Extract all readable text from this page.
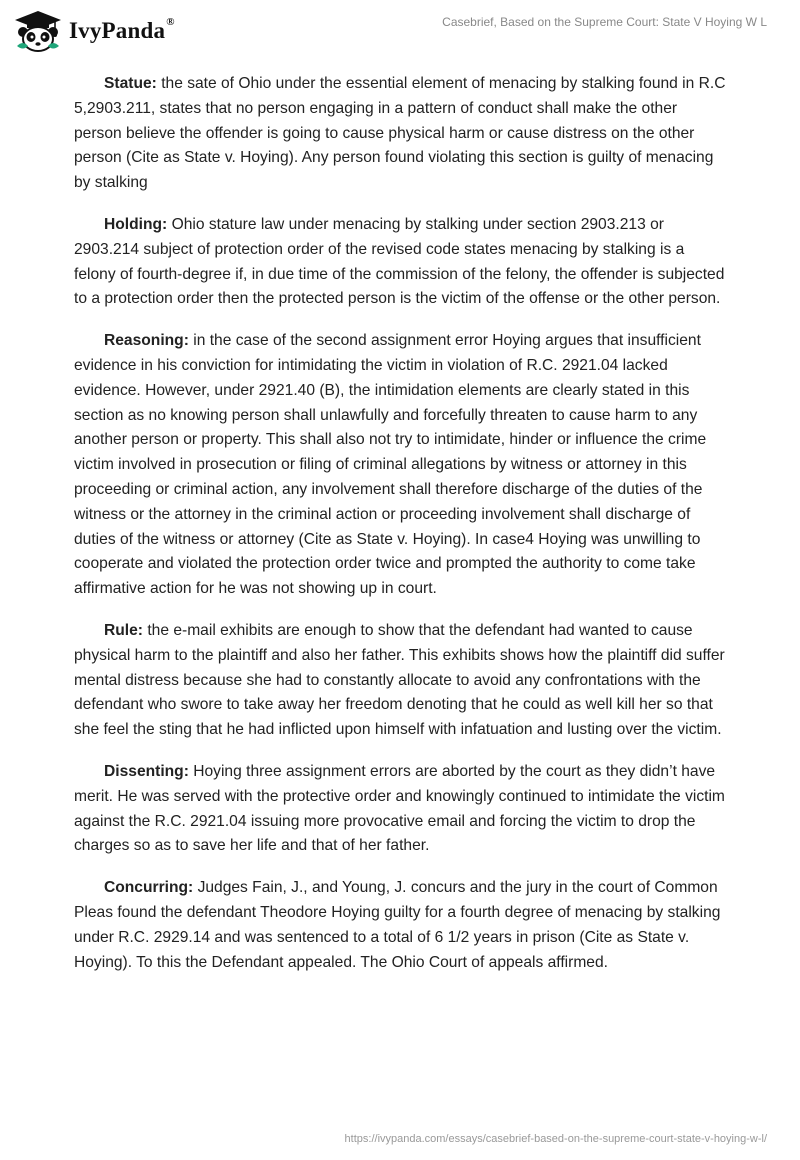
IvyPanda®	Casebrief, Based on the Supreme Court: State V Hoying W L

Statue: the sate of Ohio under the essential element of menacing by stalking found in R.C 5,2903.211, states that no person engaging in a pattern of conduct shall make the other person believe the offender is going to cause physical harm or cause distress on the other person (Cite as State v. Hoying). Any person found violating this section is guilty of menacing by stalking

Holding: Ohio stature law under menacing by stalking under section 2903.213 or 2903.214 subject of protection order of the revised code states menacing by stalking is a felony of fourth-degree if, in due time of the commission of the felony, the offender is subjected to a protection order then the protected person is the victim of the offense or the other person.

Reasoning: in the case of the second assignment error Hoying argues that insufficient evidence in his conviction for intimidating the victim in violation of R.C. 2921.04 lacked evidence. However, under 2921.40 (B), the intimidation elements are clearly stated in this section as no knowing person shall unlawfully and forcefully threaten to cause harm to any another person or property. This shall also not try to intimidate, hinder or influence the crime victim involved in prosecution or filing of criminal allegations by witness or attorney in this proceeding or criminal action, any involvement shall therefore discharge of the duties of the witness or the attorney in the criminal action or proceeding involvement shall discharge of duties of the witness or attorney (Cite as State v. Hoying). In case4 Hoying was unwilling to cooperate and violated the protection order twice and prompted the authority to come take affirmative action for he was not showing up in court.

Rule: the e-mail exhibits are enough to show that the defendant had wanted to cause physical harm to the plaintiff and also her father. This exhibits shows how the plaintiff did suffer mental distress because she had to constantly allocate to avoid any confrontations with the defendant who swore to take away her freedom denoting that he could as well kill her so that she feel the sting that he had inflicted upon himself with infatuation and lusting over the victim.

Dissenting: Hoying three assignment errors are aborted by the court as they didn’t have merit. He was served with the protective order and knowingly continued to intimidate the victim against the R.C. 2921.04 issuing more provocative email and forcing the victim to drop the charges so as to save her life and that of her father.

Concurring: Judges Fain, J., and Young, J. concurs and the jury in the court of Common Pleas found the defendant Theodore Hoying guilty for a fourth degree of menacing by stalking under R.C. 2929.14 and was sentenced to a total of 6 1/2 years in prison (Cite as State v. Hoying). To this the Defendant appealed. The Ohio Court of appeals affirmed.

https://ivypanda.com/essays/casebrief-based-on-the-supreme-court-state-v-hoying-w-l/
